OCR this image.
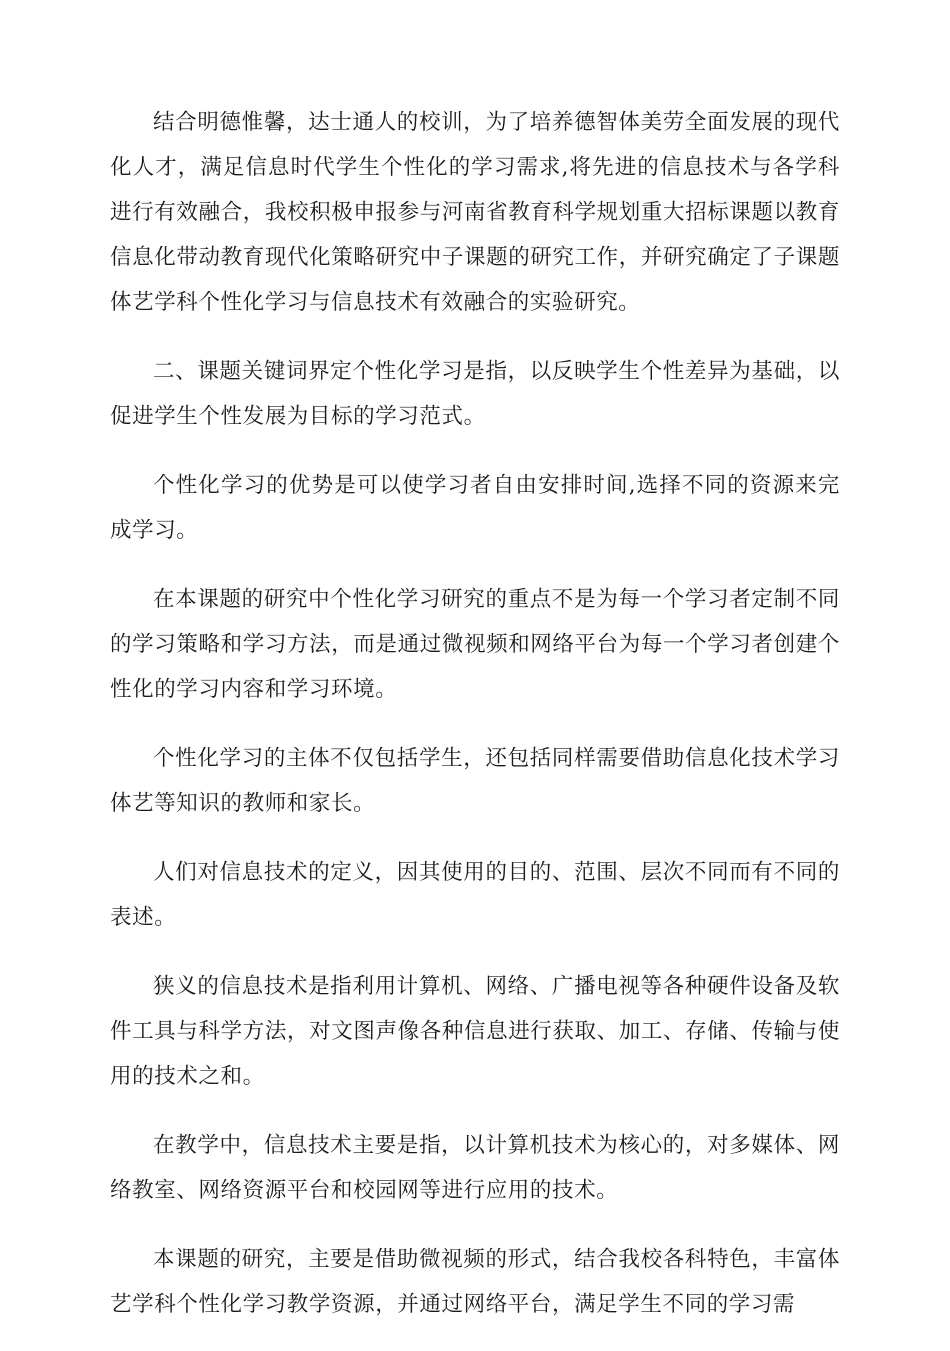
结合明德惟馨，达士通人的校训，为了培养德智体美劳全面发展的现代化人才，满足信息时代学生个性化的学习需求,将先进的信息技术与各学科进行有效融合，我校积极申报参与河南省教育科学规划重大招标课题以教育信息化带动教育现代化策略研究中子课题的研究工作，并研究确定了子课题体艺学科个性化学习与信息技术有效融合的实验研究。

二、课题关键词界定个性化学习是指，以反映学生个性差异为基础，以促进学生个性发展为目标的学习范式。

个性化学习的优势是可以使学习者自由安排时间,选择不同的资源来完成学习。

在本课题的研究中个性化学习研究的重点不是为每一个学习者定制不同的学习策略和学习方法，而是通过微视频和网络平台为每一个学习者创建个性化的学习内容和学习环境。

个性化学习的主体不仅包括学生，还包括同样需要借助信息化技术学习体艺等知识的教师和家长。

人们对信息技术的定义，因其使用的目的、范围、层次不同而有不同的表述。

狭义的信息技术是指利用计算机、网络、广播电视等各种硬件设备及软件工具与科学方法，对文图声像各种信息进行获取、加工、存储、传输与使用的技术之和。

在教学中，信息技术主要是指，以计算机技术为核心的，对多媒体、网络教室、网络资源平台和校园网等进行应用的技术。

本课题的研究，主要是借助微视频的形式，结合我校各科特色，丰富体艺学科个性化学习教学资源，并通过网络平台，满足学生不同的学习需
